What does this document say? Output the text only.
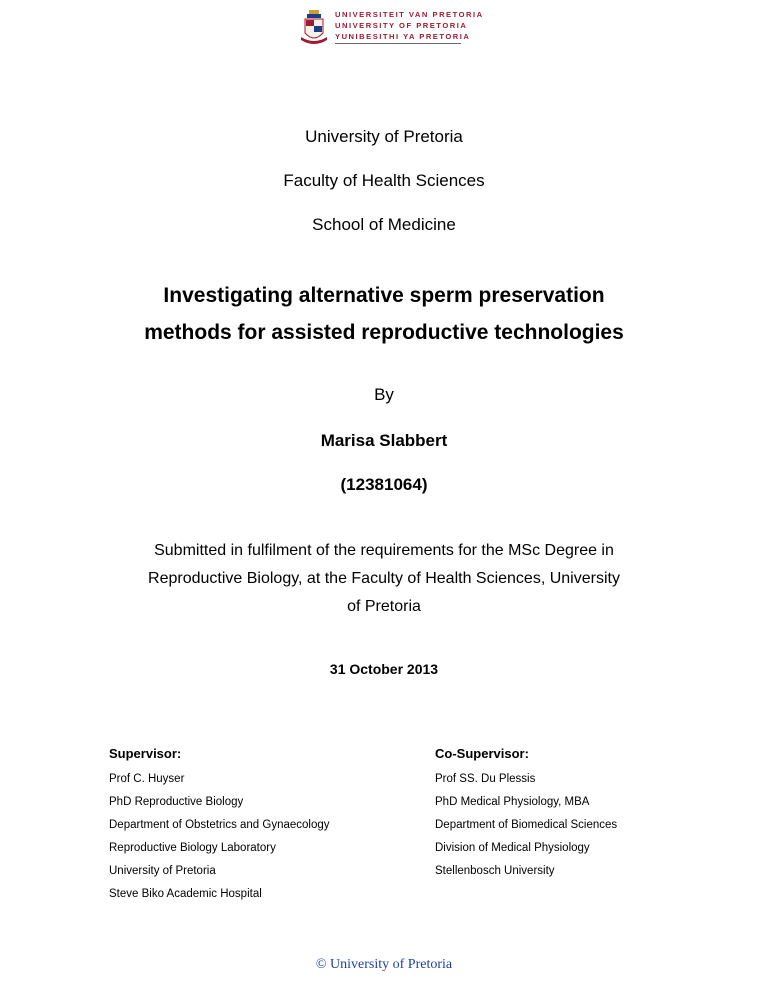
UNIVERSITEIT VAN PRETORIA
UNIVERSITY OF PRETORIA
YUNIBESITHI YA PRETORIA
University of Pretoria
Faculty of Health Sciences
School of Medicine
Investigating alternative sperm preservation
methods for assisted reproductive technologies
By
Marisa Slabbert
(12381064)
Submitted in fulfilment of the requirements for the MSc Degree in
Reproductive Biology, at the Faculty of Health Sciences, University
of Pretoria
31 October 2013
Supervisor:
Prof C. Huyser
PhD Reproductive Biology
Department of Obstetrics and Gynaecology
Reproductive Biology Laboratory
University of Pretoria
Steve Biko Academic Hospital
Co-Supervisor:
Prof SS. Du Plessis
PhD Medical Physiology, MBA
Department of Biomedical Sciences
Division of Medical Physiology
Stellenbosch University
© University of Pretoria
